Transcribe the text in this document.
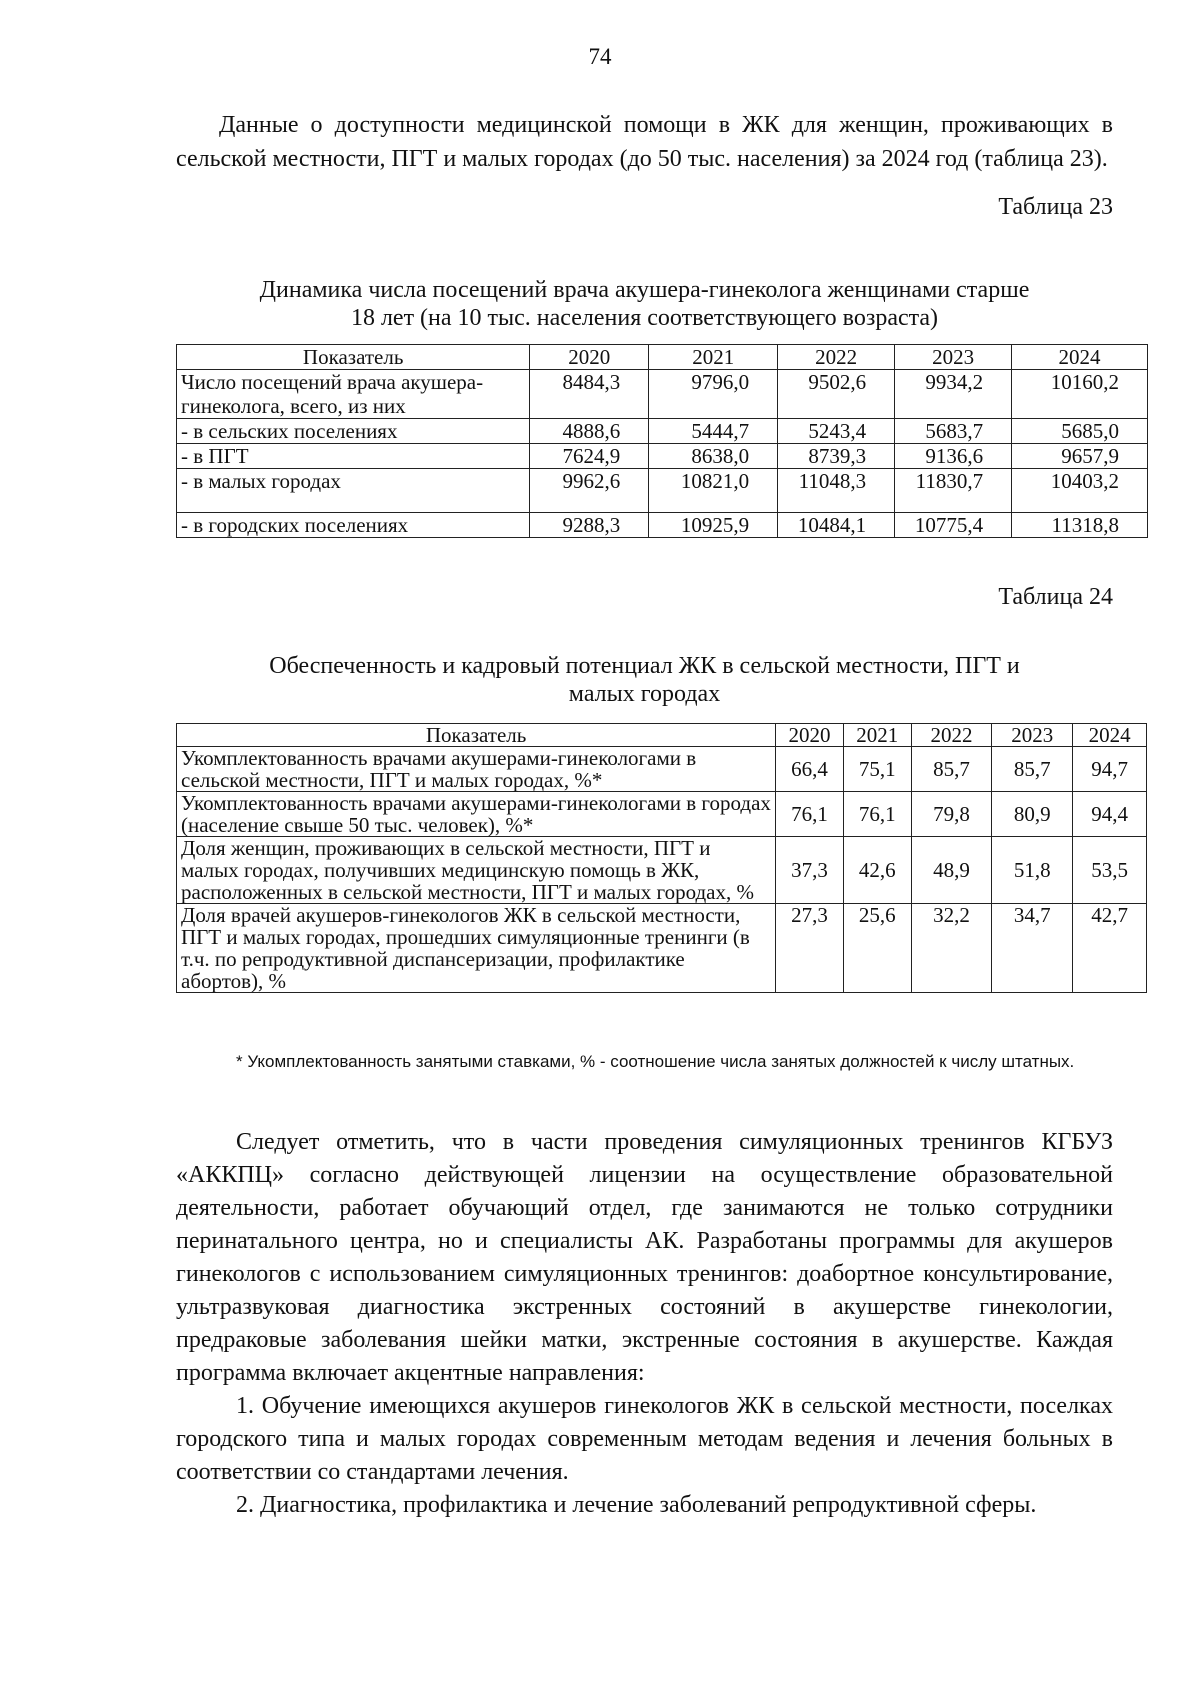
74

Данные о доступности медицинской помощи в ЖК для женщин, проживающих в сельской местности, ПГТ и малых городах (до 50 тыс. населения) за 2024 год (таблица 23).

Таблица 23

Динамика числа посещений врача акушера-гинеколога женщинами старше
18 лет (на 10 тыс. населения соответствующего возраста)

Показатель	2020	2021	2022	2023	2024
Число посещений врача акушера-гинеколога, всего, из них	8484,3	9796,0	9502,6	9934,2	10160,2
- в сельских поселениях	4888,6	5444,7	5243,4	5683,7	5685,0
- в ПГТ	7624,9	8638,0	8739,3	9136,6	9657,9
- в малых городах	9962,6	10821,0	11048,3	11830,7	10403,2
- в городских поселениях	9288,3	10925,9	10484,1	10775,4	11318,8
Таблица 24

Обеспеченность и кадровый потенциал ЖК в сельской местности, ПГТ и
малых городах

Показатель	2020	2021	2022	2023	2024
Укомплектованность врачами акушерами-гинекологами в сельской местности, ПГТ и малых городах, %*	66,4	75,1	85,7	85,7	94,7
Укомплектованность врачами акушерами-гинекологами в городах (население свыше 50 тыс. человек), %*	76,1	76,1	79,8	80,9	94,4
Доля женщин, проживающих в сельской местности, ПГТ и малых городах, получивших медицинскую помощь в ЖК, расположенных в сельской местности, ПГТ и малых городах, %	37,3	42,6	48,9	51,8	53,5
Доля врачей акушеров-гинекологов ЖК в сельской местности, ПГТ и малых городах, прошедших симуляционные тренинги (в т.ч. по репродуктивной диспансеризации, профилактике абортов), %	27,3	25,6	32,2	34,7	42,7

* Укомплектованность занятыми ставками, % - соотношение числа занятых должностей к числу штатных.

Следует отметить, что в части проведения симуляционных тренингов КГБУЗ «АККПЦ» согласно действующей лицензии на осуществление образовательной деятельности, работает обучающий отдел, где занимаются не только сотрудники перинатального центра, но и специалисты АК. Разработаны программы для акушеров гинекологов с использованием симуляционных тренингов: доабортное консультирование, ультразвуковая диагностика экстренных состояний в акушерстве гинекологии, предраковые заболевания шейки матки, экстренные состояния в акушерстве. Каждая программа включает акцентные направления:

1. Обучение имеющихся акушеров гинекологов ЖК в сельской местности, поселках городского типа и малых городах современным методам ведения и лечения больных в соответствии со стандартами лечения.

2. Диагностика, профилактика и лечение заболеваний репродуктивной сферы.
